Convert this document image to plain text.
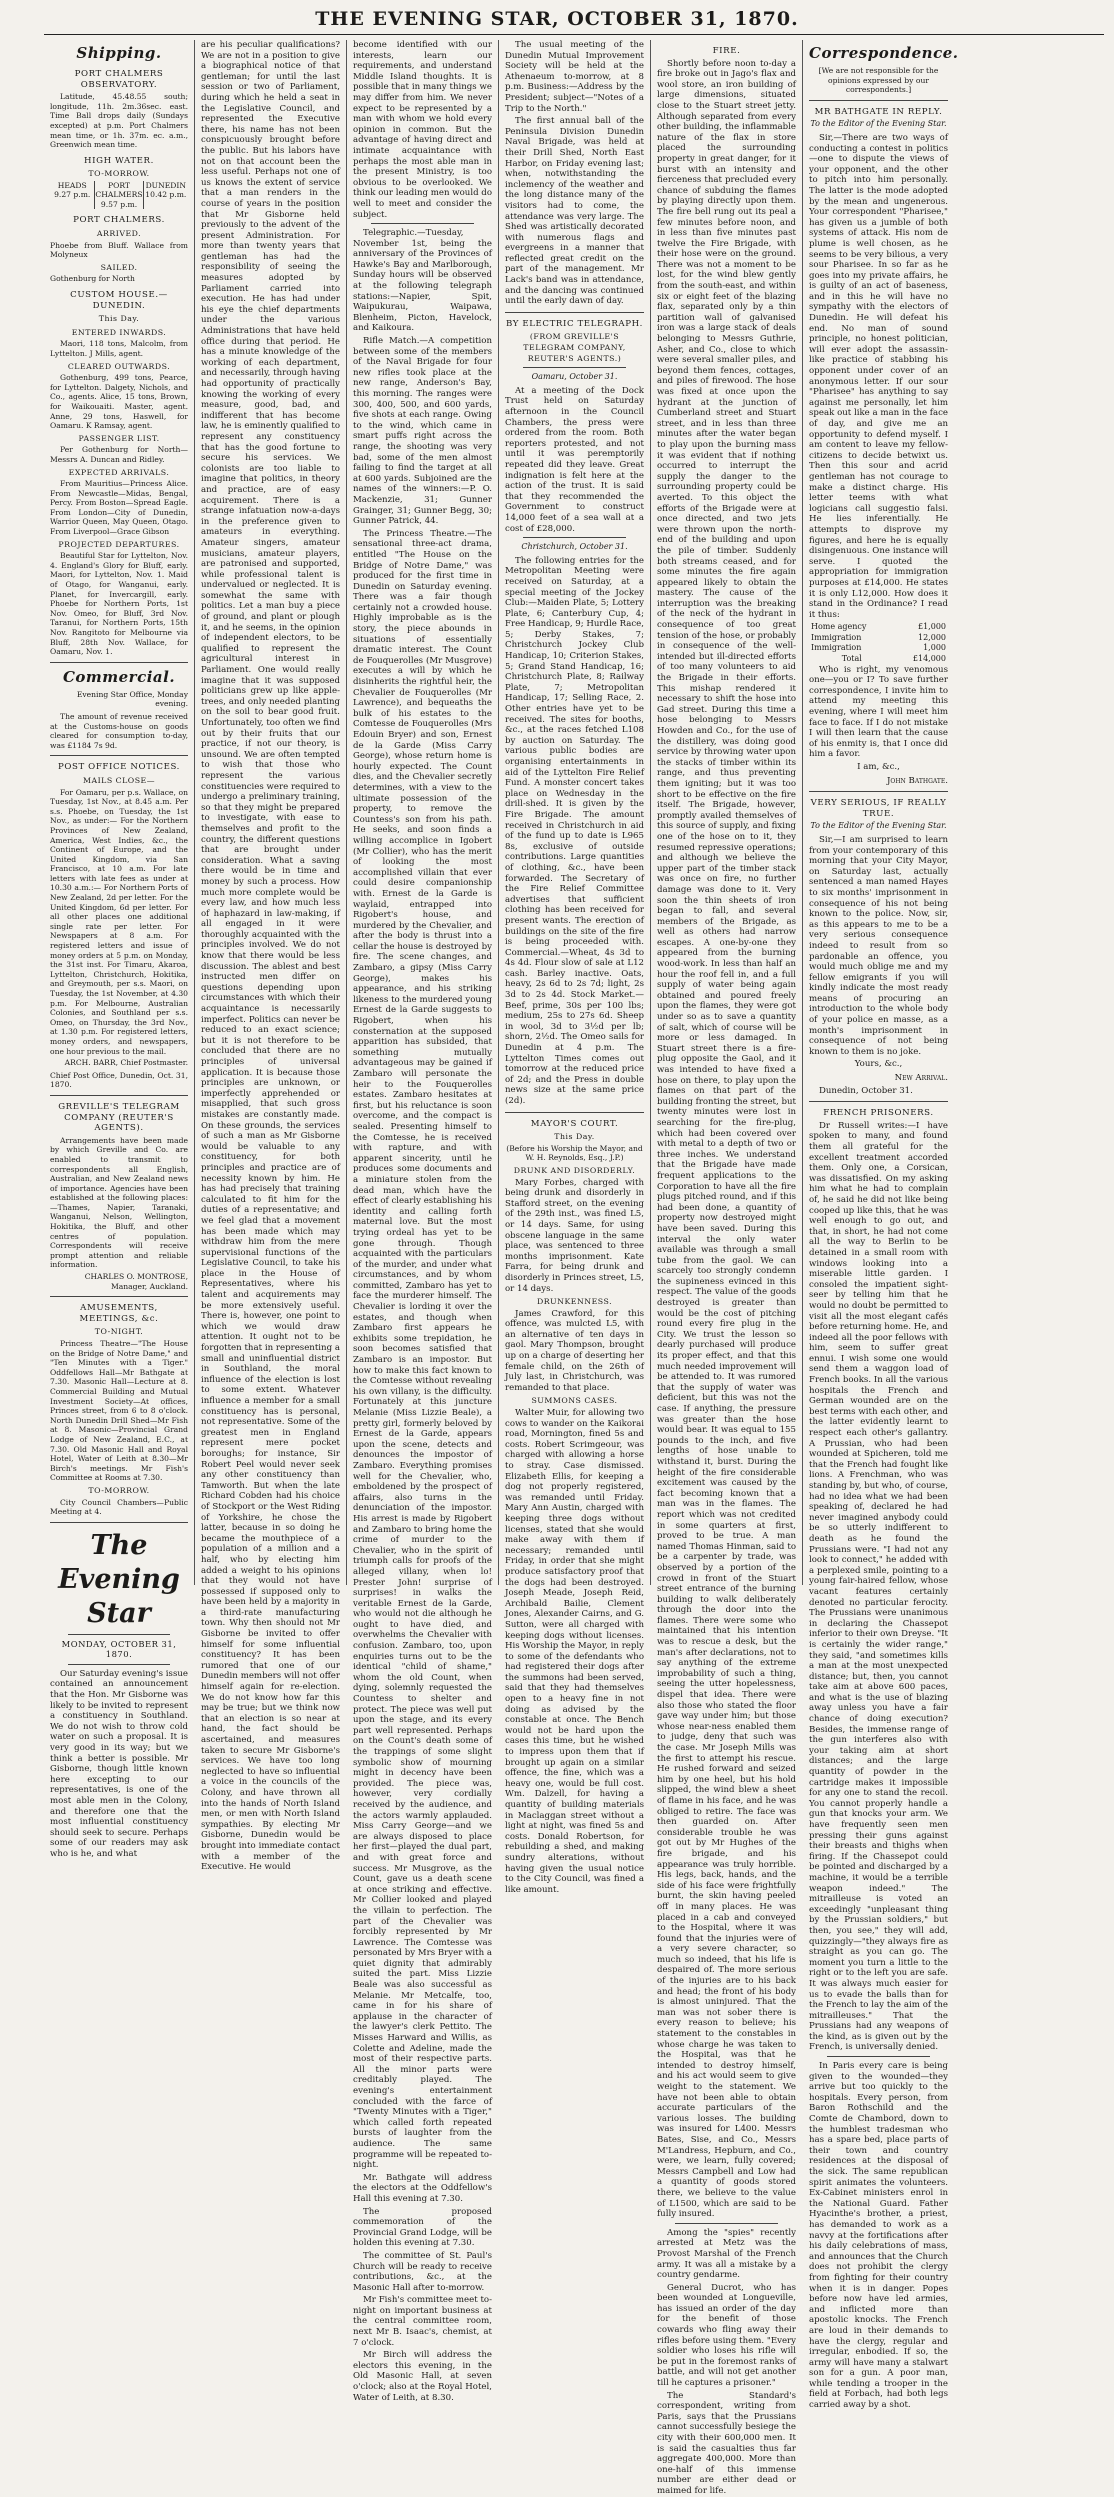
THE EVENING STAR, OCTOBER 31, 1870.
Shipping.
PORT CHALMERS OBSERVATORY.

Latitude, 45.48.55 south; longitude, 11h. 2m.36sec. east. Time Ball drops daily (Sundays excepted) at p.m. Port Chalmers mean time, or 1h. 37m. ec. a.m., Greenwich mean time.

HIGH WATER.
TO-MORROW.
HEADS 9.27 p.m.
PORT CHALMERS 9.57 p.m.
DUNEDIN 10.42 p.m.
PORT CHALMERS.
ARRIVED.

Phoebe from Bluff. Wallace from Molyneux

SAILED.

Gothenburg for North

CUSTOM HOUSE.—DUNEDIN.
This Day.
ENTERED INWARDS.

Maori, 118 tons, Malcolm, from Lyttelton. J Mills, agent.

CLEARED OUTWARDS.

Gothenburg, 499 tons, Pearce, for Lyttelton. Dalgety, Nichols, and Co., agents. Alice, 15 tons, Brown, for Waikouaiti. Master, agent. Anne, 29 tons, Haswell, for Oamaru. K Ramsay, agent.

PASSENGER LIST.

Per Gothenburg for North—Messrs A. Duncan and Ridley.

EXPECTED ARRIVALS.

From Mauritius—Princess Alice. From Newcastle—Midas, Bengal, Percy. From Boston—Spread Eagle. From London—City of Dunedin, Warrior Queen, May Queen, Otago. From Liverpool—Grace Gibson

PROJECTED DEPARTURES.

Beautiful Star for Lyttelton, Nov. 4. England's Glory for Bluff, early. Maori, for Lyttelton, Nov. 1. Maid of Otago, for Wanganui, early. Planet, for Invercargill, early. Phoebe for Northern Ports, 1st Nov. Omeo, for Bluff, 3rd Nov. Taranui, for Northern Ports, 15th Nov. Rangitoto for Melbourne via Bluff, 28th Nov. Wallace, for Oamaru, Nov. 1.

Commercial.

Evening Star Office, Monday evening.

The amount of revenue received at the Customs-house on goods cleared for consumption to-day, was £1184 7s 9d.

POST OFFICE NOTICES.
MAILS CLOSE—

For Oamaru, per p.s. Wallace, on Tuesday, 1st Nov., at 8.45 a.m. Per s.s. Phoebe, on Tuesday, the 1st Nov., as under:— For the Northern Provinces of New Zealand, America, West Indies, &c., the Continent of Europe, and the United Kingdom, via San Francisco, at 10 a.m. For late letters with late fees as under at 10.30 a.m.:— For Northern Ports of New Zealand, 2d per letter. For the United Kingdom, 6d per letter. For all other places one additional single rate per letter. For Newspapers at 8 a.m. For registered letters and issue of money orders at 5 p.m. on Monday, the 31st inst. For Timaru, Akaroa, Lyttelton, Christchurch, Hokitika, and Greymouth, per s.s. Maori, on Tuesday, the 1st November, at 4.30 p.m. For Melbourne, Australian Colonies, and Southland per s.s. Omeo, on Thursday, the 3rd Nov., at 1.30 p.m. For registered letters, money orders, and newspapers, one hour previous to the mail.

ARCH. BARR, Chief Postmaster.

Chief Post Office, Dunedin, Oct. 31, 1870.

GREVILLE'S TELEGRAM COMPANY (REUTER'S AGENTS).

Arrangements have been made by which Greville and Co. are enabled to transmit to correspondents all English, Australian, and New Zealand news of importance. Agencies have been established at the following places:—Thames, Napier, Taranaki, Wanganui, Nelson, Wellington, Hokitika, the Bluff, and other centres of population. Correspondents will receive prompt attention and reliable information.

CHARLES O. MONTROSE, Manager, Auckland.

AMUSEMENTS, MEETINGS, &c.
TO-NIGHT.

Princess Theatre—"The House on the Bridge of Notre Dame," and "Ten Minutes with a Tiger." Oddfellows Hall—Mr Bathgate at 7.30. Masonic Hall—Lecture at 8. Commercial Building and Mutual Investment Society—At offices, Princes street, from 6 to 8 o'clock. North Dunedin Drill Shed—Mr Fish at 8. Masonic—Provincial Grand Lodge of New Zealand, E.C., at 7.30. Old Masonic Hall and Royal Hotel, Water of Leith at 8.30—Mr Birch's meetings. Mr Fish's Committee at Rooms at 7.30.

TO-MORROW.

City Council Chambers—Public Meeting at 4.

The Evening Star
MONDAY, OCTOBER 31, 1870.

Our Saturday evening's issue contained an announcement that the Hon. Mr Gisborne was likely to be invited to represent a constituency in Southland. We do not wish to throw cold water on such a proposal. It is very good in its way; but we think a better is possible. Mr Gisborne, though little known here excepting to our representatives, is one of the most able men in the Colony, and therefore one that the most influential constituency should seek to secure. Perhaps some of our readers may ask who is he, and what

are his peculiar qualifications? We are not in a position to give a biographical notice of that gentleman; for until the last session or two of Parliament, during which he held a seat in the Legislative Council, and represented the Executive there, his name has not been conspicuously brought before the public. But his labors have not on that account been the less useful. Perhaps not one of us knows the extent of service that a man renders in the course of years in the position that Mr Gisborne held previously to the advent of the present Administration. For more than twenty years that gentleman has had the responsibility of seeing the measures adopted by Parliament carried into execution. He has had under his eye the chief departments under the various Administrations that have held office during that period. He has a minute knowledge of the working of each department, and necessarily, through having had opportunity of practically knowing the working of every measure, good, bad, and indifferent that has become law, he is eminently qualified to represent any constituency that has the good fortune to secure his services. We colonists are too liable to imagine that politics, in theory and practice, are of easy acquirement. There is a strange infatuation now-a-days in the preference given to amateurs in everything. Amateur singers, amateur musicians, amateur players, are patronised and supported, while professional talent is undervalued or neglected. It is somewhat the same with politics. Let a man buy a piece of ground, and plant or plough it, and he seems, in the opinion of independent electors, to be qualified to represent the agricultural interest in Parliament. One would really imagine that it was supposed politicians grew up like apple-trees, and only needed planting on the soil to bear good fruit. Unfortunately, too often we find out by their fruits that our practice, if not our theory, is unsound. We are often tempted to wish that those who represent the various constituencies were required to undergo a preliminary training, so that they might be prepared to investigate, with ease to themselves and profit to the country, the different questions that are brought under consideration. What a saving there would be in time and money by such a process. How much more complete would be every law, and how much less of haphazard in law-making, if all engaged in it were thoroughly acquainted with the principles involved. We do not know that there would be less discussion. The ablest and best instructed men differ on questions depending upon circumstances with which their acquaintance is necessarily imperfect. Politics can never be reduced to an exact science; but it is not therefore to be concluded that there are no principles of universal application. It is because those principles are unknown, or imperfectly apprehended or misapplied, that such gross mistakes are constantly made. On these grounds, the services of such a man as Mr Gisborne would be valuable to any constituency, for both principles and practice are of necessity known by him. He has had precisely that training calculated to fit him for the duties of a representative; and we feel glad that a movement has been made which may withdraw him from the mere supervisional functions of the Legislative Council, to take his place in the House of Representatives, where his talent and acquirements may be more extensively useful. There is, however, one point to which we would draw attention. It ought not to be forgotten that in representing a small and uninfluential district in Southland, the moral influence of the election is lost to some extent. Whatever influence a member for a small constituency has is personal, not representative. Some of the greatest men in England represent mere pocket boroughs; for instance, Sir Robert Peel would never seek any other constituency than Tamworth. But when the late Richard Cobden had his choice of Stockport or the West Riding of Yorkshire, he chose the latter, because in so doing he became the mouthpiece of a population of a million and a half, who by electing him added a weight to his opinions that they would not have possessed if supposed only to have been held by a majority in a third-rate manufacturing town. Why then should not Mr Gisborne be invited to offer himself for some influential constituency? It has been rumored that one of our Dunedin members will not offer himself again for re-election. We do not know how far this may be true; but we think now that an election is so near at hand, the fact should be ascertained, and measures taken to secure Mr Gisborne's services. We have too long neglected to have so influential a voice in the councils of the Colony, and have thrown all into the hands of North Island men, or men with North Island sympathies. By electing Mr Gisborne, Dunedin would be brought into immediate contact with a member of the Executive. He would

become identified with our interests, learn our requirements, and understand Middle Island thoughts. It is possible that in many things we may differ from him. We never expect to be represented by a man with whom we hold every opinion in common. But the advantage of having direct and intimate acquaintance with perhaps the most able man in the present Ministry, is too obvious to be overlooked. We think our leading men would do well to meet and consider the subject.

Telegraphic.—Tuesday, November 1st, being the anniversary of the Provinces of Hawke's Bay and Marlborough, Sunday hours will be observed at the following telegraph stations:—Napier, Spit, Waipukurau, Waipawa, Blenheim, Picton, Havelock, and Kaikoura.

Rifle Match.—A competition between some of the members of the Naval Brigade for four new rifles took place at the new range, Anderson's Bay, this morning. The ranges were 300, 400, 500, and 600 yards, five shots at each range. Owing to the wind, which came in smart puffs right across the range, the shooting was very bad, some of the men almost failing to find the target at all at 600 yards. Subjoined are the names of the winners:—P. O. Mackenzie, 31; Gunner Grainger, 31; Gunner Begg, 30; Gunner Patrick, 44.

The Princess Theatre.—The sensational three-act drama, entitled "The House on the Bridge of Notre Dame," was produced for the first time in Dunedin on Saturday evening. There was a fair though certainly not a crowded house. Highly improbable as is the story, the piece abounds in situations of essentially dramatic interest. The Count de Fouquerolles (Mr Musgrove) executes a will by which he disinherits the rightful heir, the Chevalier de Fouquerolles (Mr Lawrence), and bequeaths the bulk of his estates to the Comtesse de Fouquerolles (Mrs Edouin Bryer) and son, Ernest de la Garde (Miss Carry George), whose return home is hourly expected. The Count dies, and the Chevalier secretly determines, with a view to the ultimate possession of the property, to remove the Countess's son from his path. He seeks, and soon finds a willing accomplice in Igobert (Mr Collier), who has the merit of looking the most accomplished villain that ever could desire companionship with. Ernest de la Garde is waylaid, entrapped into Rigobert's house, and murdered by the Chevalier, and after the body is thrust into a cellar the house is destroyed by fire. The scene changes, and Zambaro, a gipsy (Miss Carry George), makes his appearance, and his striking likeness to the murdered young Ernest de la Garde suggests to Rigobert, when his consternation at the supposed apparition has subsided, that something mutually advantageous may be gained if Zambaro will personate the heir to the Fouquerolles estates. Zambaro hesitates at first, but his reluctance is soon overcome, and the compact is sealed. Presenting himself to the Comtesse, he is received with rapture, and with apparent sincerity, until he produces some documents and a miniature stolen from the dead man, which have the effect of clearly establishing his identity and calling forth maternal love. But the most trying ordeal has yet to be gone through. Though acquainted with the particulars of the murder, and under what circumstances, and by whom committed, Zambaro has yet to face the murderer himself. The Chevalier is lording it over the estates, and though when Zambaro first appears he exhibits some trepidation, he soon becomes satisfied that Zambaro is an impostor. But how to make this fact known to the Comtesse without revealing his own villany, is the difficulty. Fortunately at this juncture Melanie (Miss Lizzie Beale), a pretty girl, formerly beloved by Ernest de la Garde, appears upon the scene, detects and denounces the impostor of Zambaro. Everything promises well for the Chevalier, who, emboldened by the prospect of affairs, also turns in the denunciation of the impostor. His arrest is made by Rigobert and Zambaro to bring home the crime of murder to the Chevalier, who in the spirit of triumph calls for proofs of the alleged villany, when lo! Prester John! surprise of surprises! in walks the veritable Ernest de la Garde, who would not die although he ought to have died, and overwhelms the Chevalier with confusion. Zambaro, too, upon enquiries turns out to be the identical "child of shame," whom the old Count, when dying, solemnly requested the Countess to shelter and protect. The piece was well put upon the stage, and its every part well represented. Perhaps on the Count's death some of the trappings of some slight symbolic show of mourning might in decency have been provided. The piece was, however, very cordially received by the audience, and the actors warmly applauded. Miss Carry George—and we are always disposed to place her first—played the dual part, and with great force and success. Mr Musgrove, as the Count, gave us a death scene at once striking and effective. Mr Collier looked and played the villain to perfection. The part of the Chevalier was forcibly represented by Mr Lawrence. The Comtesse was personated by Mrs Bryer with a quiet dignity that admirably suited the part. Miss Lizzie Beale was also successful as Melanie. Mr Metcalfe, too, came in for his share of applause in the character of the lawyer's clerk Pettito. The Misses Harward and Willis, as Colette and Adeline, made the most of their respective parts. All the minor parts were creditably played. The evening's entertainment concluded with the farce of "Twenty Minutes with a Tiger," which called forth repeated bursts of laughter from the audience. The same programme will be repeated to-night.

Mr. Bathgate will address the electors at the Oddfellow's Hall this evening at 7.30.

The proposed commemoration of the Provincial Grand Lodge, will be holden this evening at 7.30.

The committee of St. Paul's Church will be ready to receive contributions, &c., at the Masonic Hall after to-morrow.

Mr Fish's committee meet to-night on important business at the central committee room, next Mr B. Isaac's, chemist, at 7 o'clock.

Mr Birch will address the electors this evening, in the Old Masonic Hall, at seven o'clock; also at the Royal Hotel, Water of Leith, at 8.30.

The usual meeting of the Dunedin Mutual Improvement Society will be held at the Athenaeum to-morrow, at 8 p.m. Business:—Address by the President; subject—"Notes of a Trip to the North."

The first annual ball of the Peninsula Division Dunedin Naval Brigade, was held at their Drill Shed, North East Harbor, on Friday evening last; when, notwithstanding the inclemency of the weather and the long distance many of the visitors had to come, the attendance was very large. The Shed was artistically decorated with numerous flags and evergreens in a manner that reflected great credit on the part of the management. Mr Lack's band was in attendance, and the dancing was continued until the early dawn of day.

BY ELECTRIC TELEGRAPH.
(FROM GREVILLE'S TELEGRAM COMPANY, REUTER'S AGENTS.)
Oamaru, October 31.

At a meeting of the Dock Trust held on Saturday afternoon in the Council Chambers, the press were ordered from the room. Both reporters protested, and not until it was peremptorily repeated did they leave. Great indignation is felt here at the action of the trust. It is said that they recommended the Government to construct 14,000 feet of a sea wall at a cost of £28,000.

Christchurch, October 31.

The following entries for the Metropolitan Meeting were received on Saturday, at a special meeting of the Jockey Club:—Maiden Plate, 5; Lottery Plate, 6; Canterbury Cup, 4; Free Handicap, 9; Hurdle Race, 5; Derby Stakes, 7; Christchurch Jockey Club Handicap, 10; Criterion Stakes, 5; Grand Stand Handicap, 16; Christchurch Plate, 8; Railway Plate, 7; Metropolitan Handicap, 17; Selling Race, 2. Other entries have yet to be received. The sites for booths, &c., at the races fetched L108 by auction on Saturday. The various public bodies are organising entertainments in aid of the Lyttelton Fire Relief Fund. A monster concert takes place on Wednesday in the drill-shed. It is given by the Fire Brigade. The amount received in Christchurch in aid of the fund up to date is L965 8s, exclusive of outside contributions. Large quantities of clothing, &c., have been forwarded. The Secretary of the Fire Relief Committee advertises that sufficient clothing has been received for present wants. The erection of buildings on the site of the fire is being proceeded with. Commercial.—Wheat, 4s 3d to 4s 4d. Flour slow of sale at L12 cash. Barley inactive. Oats, heavy, 2s 6d to 2s 7d; light, 2s 3d to 2s 4d. Stock Market.—Beef, prime, 30s per 100 lbs; medium, 25s to 27s 6d. Sheep in wool, 3d to 3½d per lb; shorn, 2½d. The Omeo sails for Dunedin at 4 p.m. The Lyttelton Times comes out tomorrow at the reduced price of 2d; and the Press in double news size at the same price (2d).

MAYOR'S COURT.
This Day.

(Before his Worship the Mayor, and W. H. Reynolds, Esq., J.P.)

DRUNK AND DISORDERLY.

Mary Forbes, charged with being drunk and disorderly in Stafford street, on the evening of the 29th inst., was fined L5, or 14 days. Same, for using obscene language in the same place, was sentenced to three months imprisonment. Kate Farra, for being drunk and disorderly in Princes street, L5, or 14 days.

DRUNKENNESS.

James Crawford, for this offence, was mulcted L5, with an alternative of ten days in gaol. Mary Thompson, brought up on a charge of deserting her female child, on the 26th of July last, in Christchurch, was remanded to that place.

SUMMONS CASES.

Walter Muir, for allowing two cows to wander on the Kaikorai road, Mornington, fined 5s and costs. Robert Scrimgeour, was charged with allowing a horse to stray. Case dismissed. Elizabeth Ellis, for keeping a dog not properly registered, was remanded until Friday. Mary Ann Austin, charged with keeping three dogs without licenses, stated that she would make away with them if necessary; remanded until Friday, in order that she might produce satisfactory proof that the dogs had been destroyed. Joseph Meade, Joseph Reid, Archibald Bailie, Clement Jones, Alexander Cairns, and G. Sutton, were all charged with keeping dogs without licenses. His Worship the Mayor, in reply to some of the defendants who had registered their dogs after the summons had been served, said that they had themselves open to a heavy fine in not doing as advised by the constable at once. The Bench would not be hard upon the cases this time, but he wished to impress upon them that if brought up again on a similar offence, the fine, which was a heavy one, would be full cost. Wm. Dalzell, for having a quantity of building materials in Maclaggan street without a light at night, was fined 5s and costs. Donald Robertson, for rebuilding a shed, and making sundry alterations, without having given the usual notice to the City Council, was fined a like amount.

FIRE.

Shortly before noon to-day a fire broke out in Jago's flax and wool store, an iron building of large dimensions, situated close to the Stuart street jetty. Although separated from every other building, the inflammable nature of the flax in store placed the surrounding property in great danger, for it burst with an intensity and fierceness that precluded every chance of subduing the flames by playing directly upon them. The fire bell rung out its peal a few minutes before noon, and in less than five minutes past twelve the Fire Brigade, with their hose were on the ground. There was not a moment to be lost, for the wind blew gently from the south-east, and within six or eight feet of the blazing flax, separated only by a thin partition wall of galvanised iron was a large stack of deals belonging to Messrs Guthrie, Asher, and Co., close to which were several smaller piles, and beyond them fences, cottages, and piles of firewood. The hose was fixed at once upon the hydrant at the junction of Cumberland street and Stuart street, and in less than three minutes after the water began to play upon the burning mass it was evident that if nothing occurred to interrupt the supply the danger to the surrounding property could be averted. To this object the efforts of the Brigade were at once directed, and two jets were thrown upon the north-end of the building and upon the pile of timber. Suddenly both streams ceased, and for some minutes the fire again appeared likely to obtain the mastery. The cause of the interruption was the breaking of the neck of the hydrant in consequence of too great tension of the hose, or probably in consequence of the well-intended but ill-directed efforts of too many volunteers to aid the Brigade in their efforts. This mishap rendered it necessary to shift the hose into Gad street. During this time a hose belonging to Messrs Howden and Co., for the use of the distillery, was doing good service by throwing water upon the stacks of timber within its range, and thus preventing them igniting; but it was too short to be effective on the fire itself. The Brigade, however, promptly availed themselves of this source of supply, and fixing one of the hose on to it, they resumed repressive operations; and although we believe the upper part of the timber stack was once on fire, no further damage was done to it. Very soon the thin sheets of iron began to fall, and several members of the Brigade, as well as others had narrow escapes. A one-by-one they appeared from the burning wood-work. In less than half an hour the roof fell in, and a full supply of water being again obtained and poured freely upon the flames, they were got under so as to save a quantity of salt, which of course will be more or less damaged. In Stuart street there is a fire-plug opposite the Gaol, and it was intended to have fixed a hose on there, to play upon the flames on that part of the building fronting the street, but twenty minutes were lost in searching for the fire-plug, which had been covered over with metal to a depth of two or three inches. We understand that the Brigade have made frequent applications to the Corporation to have all the fire plugs pitched round, and if this had been done, a quantity of property now destroyed might have been saved. During this interval the only water available was through a small tube from the gaol. We can scarcely too strongly condemn the supineness evinced in this respect. The value of the goods destroyed is greater than would be the cost of pitching round every fire plug in the City. We trust the lesson so dearly purchased will produce its proper effect, and that this much needed improvement will be attended to. It was rumored that the supply of water was deficient, but this was not the case. If anything, the pressure was greater than the hose would bear. It was equal to 155 pounds to the inch, and five lengths of hose unable to withstand it, burst. During the height of the fire considerable excitement was caused by the fact becoming known that a man was in the flames. The report which was not credited in some quarters at first, proved to be true. A man named Thomas Hinman, said to be a carpenter by trade, was observed by a portion of the crowd in front of the Stuart street entrance of the burning building to walk deliberately through the door into the flames. There were some who maintained that his intention was to rescue a desk, but the man's after declarations, not to say anything of the extreme improbability of such a thing, seeing the utter hopelessness, dispel that idea. There were also those who stated the floor gave way under him; but those whose near-ness enabled them to judge, deny that such was the case. Mr Joseph Mills was the first to attempt his rescue. He rushed forward and seized him by one heel, but his hold slipped, the wind blew a sheet of flame in his face, and he was obliged to retire. The face was then guarded on. After considerable trouble he was got out by Mr Hughes of the fire brigade, and his appearance was truly horrible. His legs, back, hands, and the side of his face were frightfully burnt, the skin having peeled off in many places. He was placed in a cab and conveyed to the Hospital, where it was found that the injuries were of a very severe character, so much so indeed, that his life is despaired of. The more serious of the injuries are to his back and head; the front of his body is almost uninjured. That the man was not sober there is every reason to believe; his statement to the constables in whose charge he was taken to the Hospital, was that he intended to destroy himself, and his act would seem to give weight to the statement. We have not been able to obtain accurate particulars of the various losses. The building was insured for L400. Messrs Bates, Sise, and Co., Messrs M'Landress, Hepburn, and Co., were, we learn, fully covered; Messrs Campbell and Low had a quantity of goods stored there, we believe to the value of L1500, which are said to be fully insured.

Among the "spies" recently arrested at Metz was the Provost Marshal of the French army. It was all a mistake by a country gendarme.

General Ducrot, who has been wounded at Longueville, has issued an order of the day for the benefit of those cowards who fling away their rifles before using them. "Every soldier who loses his rifle will be put in the foremost ranks of battle, and will not get another till he captures a prisoner."

The Standard's correspondent, writing from Paris, says that the Prussians cannot successfully besiege the city with their 600,000 men. It is said the casualties thus far aggregate 400,000. More than one-half of this immense number are either dead or maimed for life.

Correspondence.

[We are not responsible for the opinions expressed by our correspondents.]

MR BATHGATE IN REPLY.
To the Editor of the Evening Star.

Sir,—There are two ways of conducting a contest in politics—one to dispute the views of your opponent, and the other to pitch into him personally. The latter is the mode adopted by the mean and ungenerous. Your correspondent "Pharisee," has given us a jumble of both systems of attack. His nom de plume is well chosen, as he seems to be very bilious, a very sour Pharisee. In so far as he goes into my private affairs, he is guilty of an act of baseness, and in this he will have no sympathy with the electors of Dunedin. He will defeat his end. No man of sound principle, no honest politician, will ever adopt the assassin-like practice of stabbing his opponent under cover of an anonymous letter. If our sour "Pharisee" has anything to say against me personally, let him speak out like a man in the face of day, and give me an opportunity to defend myself. I am content to leave my fellow-citizens to decide betwixt us. Then this sour and acrid gentleman has not courage to make a distinct charge. His letter teems with what logicians call suggestio falsi. He lies inferentially. He attempts to disprove my figures, and here he is equally disingenuous. One instance will serve. I quoted the appropriation for immigration purposes at £14,000. He states it is only L12,000. How does it stand in the Ordinance? I read it thus:

Home agency	£1,000
Immigration	12,000
Immigration	1,000
Total	£14,000

Who is right, my venomous one—you or I? To save further correspondence, I invite him to attend my meeting this evening, where I will meet him face to face. If I do not mistake I will then learn that the cause of his enmity is, that I once did him a favor.

I am, &c.,

John Bathgate.

VERY SERIOUS, IF REALLY TRUE.
To the Editor of the Evening Star.

Sir,—I am surprised to learn from your contemporary of this morning that your City Mayor, on Saturday last, actually sentenced a man named Hayes to six months' imprisonment in consequence of his not being known to the police. Now, sir, as this appears to me to be a very serious consequence indeed to result from so pardonable an offence, you would much oblige me and my fellow emigrants if you will kindly indicate the most ready means of procuring an introduction to the whole body of your police en masse, as a month's imprisonment in consequence of not being known to them is no joke.

Yours, &c.,

New Arrival.

Dunedin, October 31.

FRENCH PRISONERS.

Dr Russell writes:—I have spoken to many, and found them all grateful for the excellent treatment accorded them. Only one, a Corsican, was dissatisfied. On my asking him what he had to complain of, he said he did not like being cooped up like this, that he was well enough to go out, and that, in short, he had not come all the way to Berlin to be detained in a small room with windows looking into a miserable little garden. I consoled the impatient sight-seer by telling him that he would no doubt be permitted to visit all the most elegant cafés before returning home. He, and indeed all the poor fellows with him, seem to suffer great ennui. I wish some one would send them a waggon load of French books. In all the various hospitals the French and German wounded are on the best terms with each other, and the latter evidently learnt to respect each other's gallantry. A Prussian, who had been wounded at Spicheren, told me that the French had fought like lions. A Frenchman, who was standing by, but who, of course, had no idea what we had been speaking of, declared he had never imagined anybody could be so utterly indifferent to death as he found the Prussians were. "I had not any look to connect," he added with a perplexed smile, pointing to a young fair-haired fellow, whose vacant features certainly denoted no particular ferocity. The Prussians were unanimous in declaring the Chassepot inferior to their own Dreyse. "It is certainly the wider range," they said, "and sometimes kills a man at the most unexpected distance; but, then, you cannot take aim at above 600 paces, and what is the use of blazing away unless you have a fair chance of doing execution? Besides, the immense range of the gun interferes also with your taking aim at short distances; and the large quantity of powder in the cartridge makes it impossible for any one to stand the recoil. You cannot properly handle a gun that knocks your arm. We have frequently seen men pressing their guns against their breasts and thighs when firing. If the Chassepot could be pointed and discharged by a machine, it would be a terrible weapon indeed." The mitrailleuse is voted an exceedingly "unpleasant thing by the Prussian soldiers," but then, you see," they will add, quizzingly—"they always fire as straight as you can go. The moment you turn a little to the right or to the left you are safe. It was always much easier for us to evade the balls than for the French to lay the aim of the mitrailleuses." That the Prussians had any weapons of the kind, as is given out by the French, is universally denied.

In Paris every care is being given to the wounded—they arrive but too quickly to the hospitals. Every person, from Baron Rothschild and the Comte de Chambord, down to the humblest tradesman who has a spare bed, place parts of their town and country residences at the disposal of the sick. The same republican spirit animates the volunteers. Ex-Cabinet ministers enrol in the National Guard. Father Hyacinthe's brother, a priest, has demanded to work as a navvy at the fortifications after his daily celebrations of mass, and announces that the Church does not prohibit the clergy from fighting for their country when it is in danger. Popes before now have led armies, and inflicted more than apostolic knocks. The French are loud in their demands to have the clergy, regular and irregular, enbodied. If so, the army will have many a stalwart son for a gun. A poor man, while tending a trooper in the field at Forbach, had both legs carried away by a shot.
